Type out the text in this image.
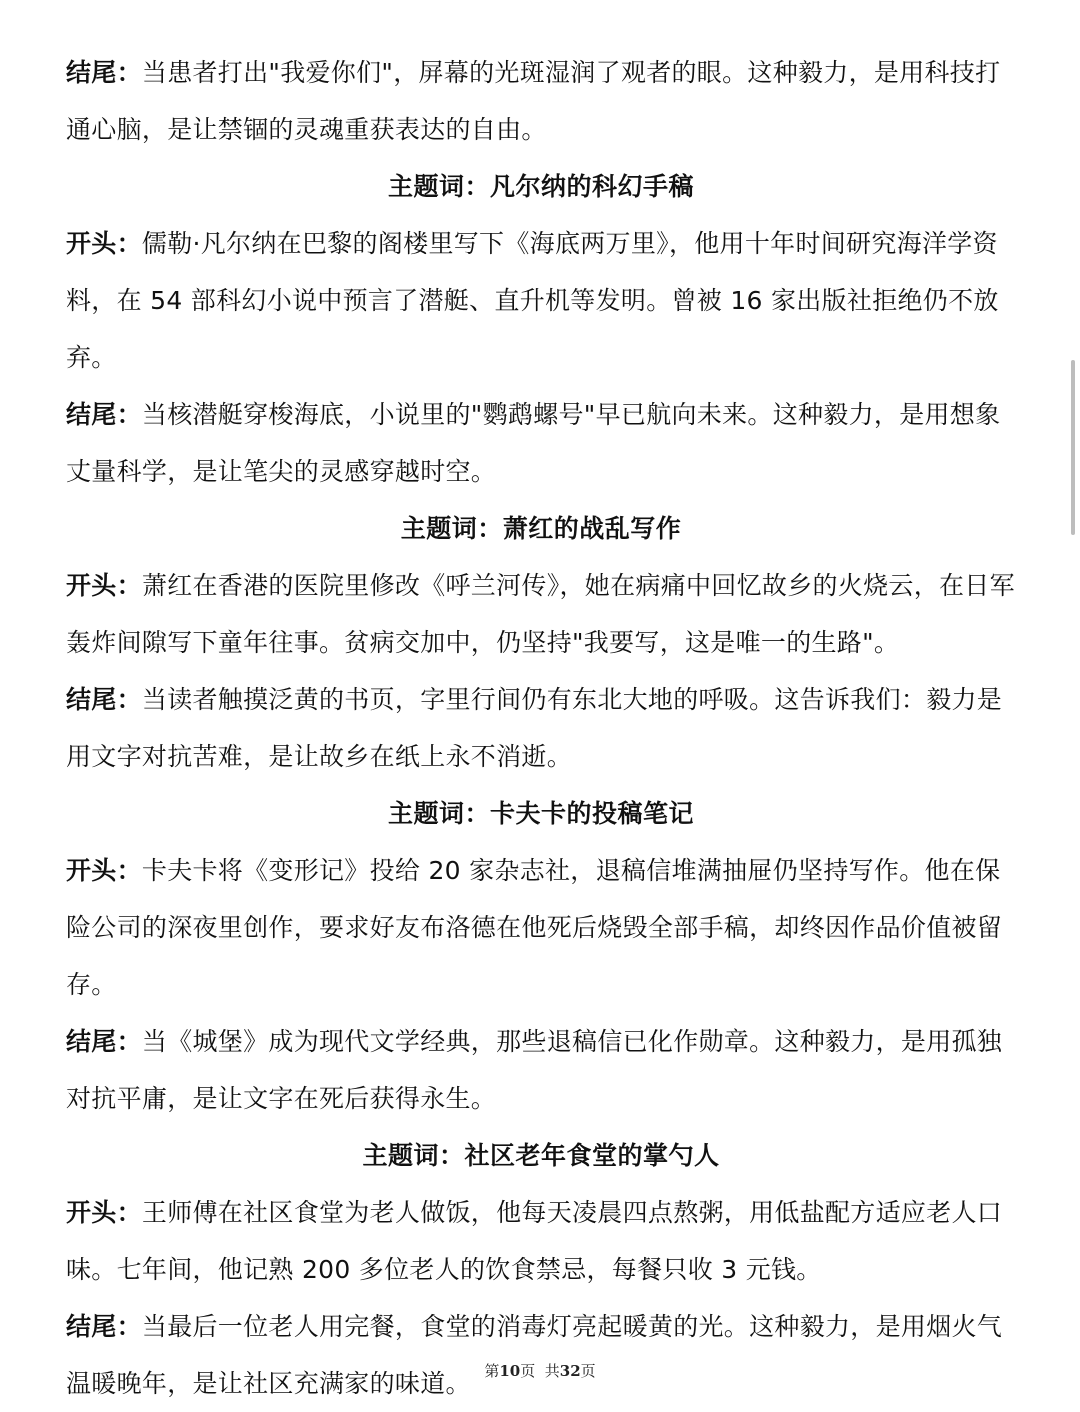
结尾：当患者打出"我爱你们"，屏幕的光斑湿润了观者的眼。这种毅力，是用科技打通心脑，是让禁锢的灵魂重获表达的自由。

主题词：凡尔纳的科幻手稿

开头：儒勒·凡尔纳在巴黎的阁楼里写下《海底两万里》，他用十年时间研究海洋学资料，在 54 部科幻小说中预言了潜艇、直升机等发明。曾被 16 家出版社拒绝仍不放弃。

结尾：当核潜艇穿梭海底，小说里的"鹦鹉螺号"早已航向未来。这种毅力，是用想象丈量科学，是让笔尖的灵感穿越时空。

主题词：萧红的战乱写作

开头：萧红在香港的医院里修改《呼兰河传》，她在病痛中回忆故乡的火烧云，在日军轰炸间隙写下童年往事。贫病交加中，仍坚持"我要写，这是唯一的生路"。

结尾：当读者触摸泛黄的书页，字里行间仍有东北大地的呼吸。这告诉我们：毅力是用文字对抗苦难，是让故乡在纸上永不消逝。

主题词：卡夫卡的投稿笔记

开头：卡夫卡将《变形记》投给 20 家杂志社，退稿信堆满抽屉仍坚持写作。他在保险公司的深夜里创作，要求好友布洛德在他死后烧毁全部手稿，却终因作品价值被留存。

结尾：当《城堡》成为现代文学经典，那些退稿信已化作勋章。这种毅力，是用孤独对抗平庸，是让文字在死后获得永生。

主题词：社区老年食堂的掌勺人

开头：王师傅在社区食堂为老人做饭，他每天凌晨四点熬粥，用低盐配方适应老人口味。七年间，他记熟 200 多位老人的饮食禁忌，每餐只收 3 元钱。

结尾：当最后一位老人用完餐，食堂的消毒灯亮起暖黄的光。这种毅力，是用烟火气温暖晚年，是让社区充满家的味道。 第10页  共32页
